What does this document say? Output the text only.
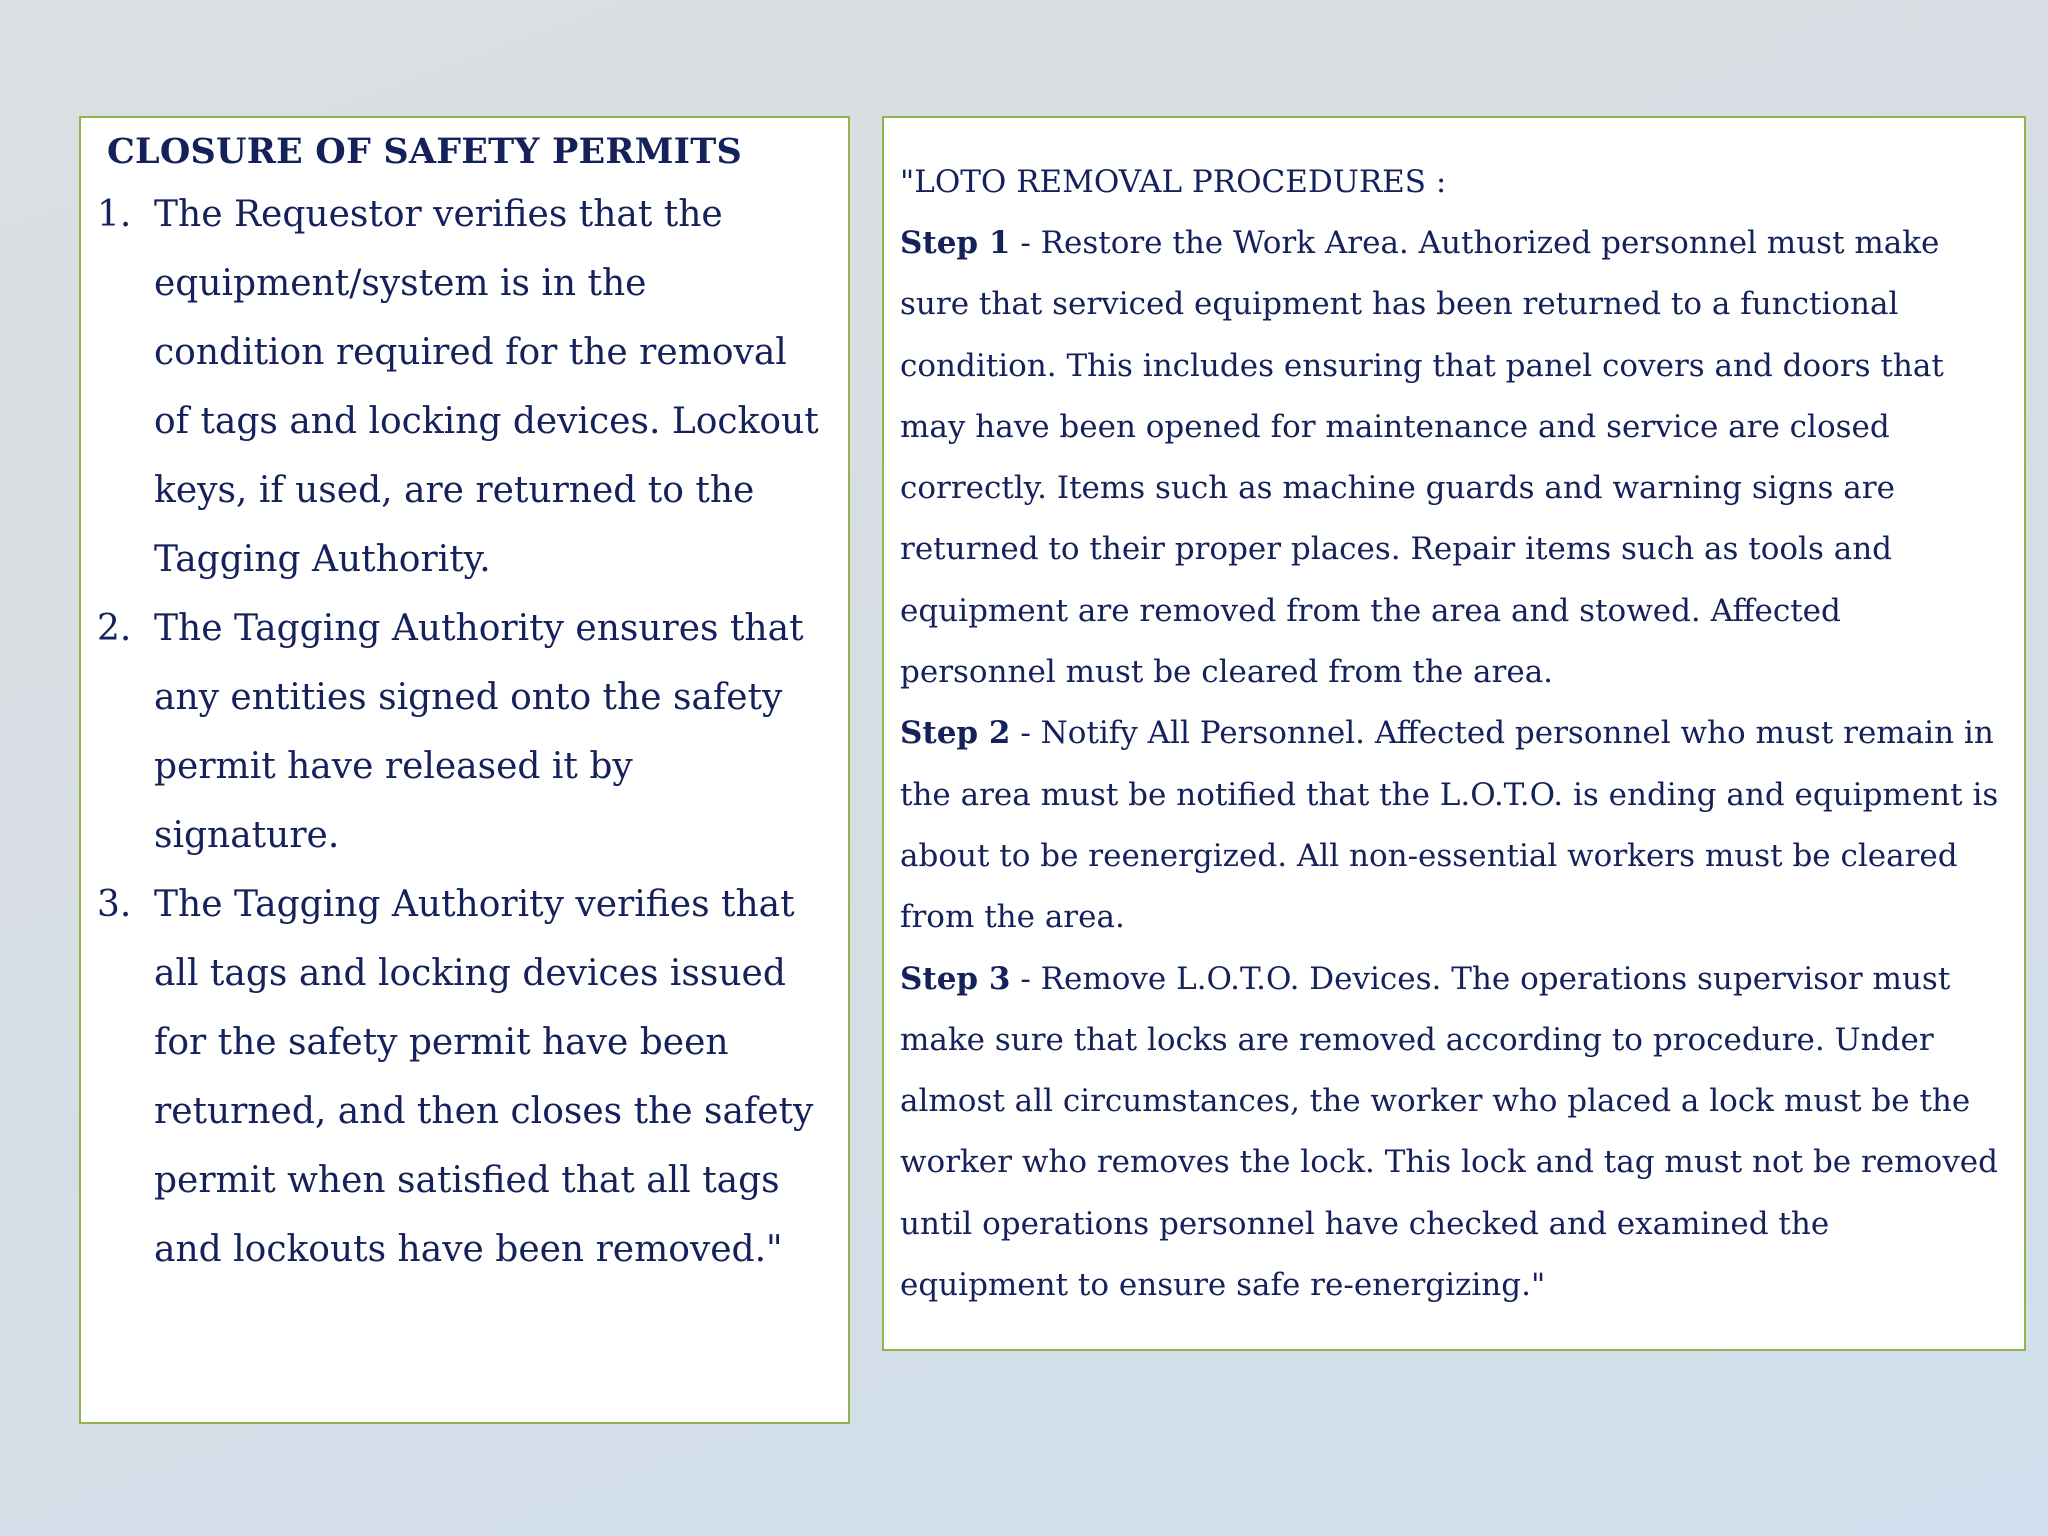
CLOSURE OF SAFETY PERMITS
1. The Requestor verifies that the equipment/system is in the condition required for the removal of tags and locking devices. Lockout keys, if used, are returned to the Tagging Authority.
2. The Tagging Authority ensures that any entities signed onto the safety permit have released it by signature.
3. The Tagging Authority verifies that all tags and locking devices issued for the safety permit have been returned, and then closes the safety permit when satisfied that all tags and lockouts have been removed."
"LOTO REMOVAL PROCEDURES :
Step 1 - Restore the Work Area. Authorized personnel must make sure that serviced equipment has been returned to a functional condition. This includes ensuring that panel covers and doors that may have been opened for maintenance and service are closed correctly. Items such as machine guards and warning signs are returned to their proper places. Repair items such as tools and equipment are removed from the area and stowed. Affected personnel must be cleared from the area.
Step 2 - Notify All Personnel. Affected personnel who must remain in the area must be notified that the L.O.T.O. is ending and equipment is about to be reenergized. All non-essential workers must be cleared from the area.
Step 3 - Remove L.O.T.O. Devices. The operations supervisor must make sure that locks are removed according to procedure. Under almost all circumstances, the worker who placed a lock must be the worker who removes the lock. This lock and tag must not be removed until operations personnel have checked and examined the equipment to ensure safe re-energizing."
